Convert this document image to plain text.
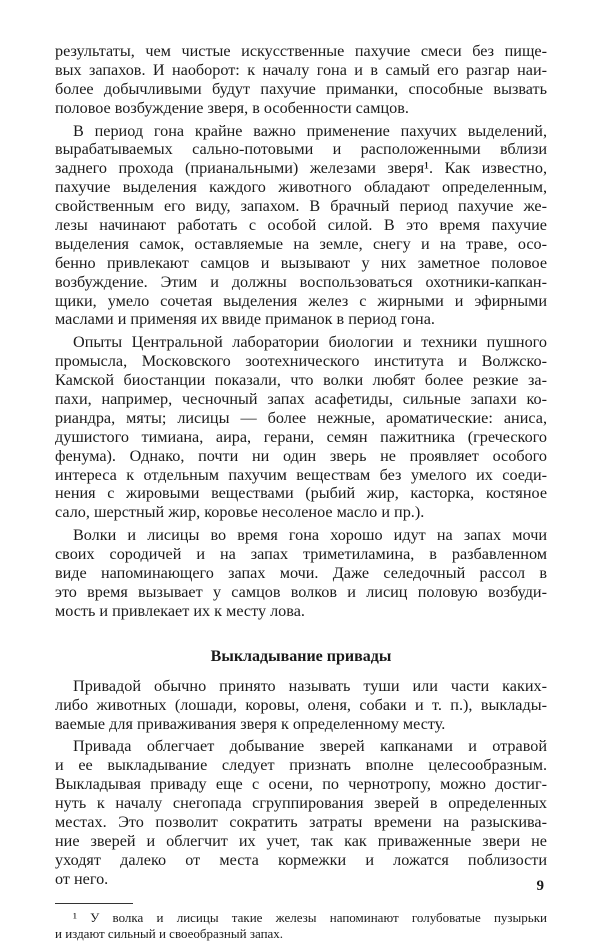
результаты, чем чистые искусственные пахучие смеси без пище-
вых запахов. И наоборот: к началу гона и в самый его разгар наи-
более добычливыми будут пахучие приманки, способные вызвать
половое возбуждение зверя, в особенности самцов.
В период гона крайне важно применение пахучих выделений,
вырабатываемых сально-потовыми и расположенными вблизи
заднего прохода (прианальными) железами зверя¹. Как известно,
пахучие выделения каждого животного обладают определенным,
свойственным его виду, запахом. В брачный период пахучие же-
лезы начинают работать с особой силой. В это время пахучие
выделения самок, оставляемые на земле, снегу и на траве, осо-
бенно привлекают самцов и вызывают у них заметное половое
возбуждение. Этим и должны воспользоваться охотники-капкан-
щики, умело сочетая выделения желез с жирными и эфирными
маслами и применяя их ввиде приманок в период гона.
Опыты Центральной лаборатории биологии и техники пушного
промысла, Московского зоотехнического института и Волжско-
Камской биостанции показали, что волки любят более резкие за-
пахи, например, чесночный запах асафетиды, сильные запахи ко-
риандра, мяты; лисицы — более нежные, ароматические: аниса,
душистого тимиана, аира, герани, семян пажитника (греческого
фенума). Однако, почти ни один зверь не проявляет особого
интереса к отдельным пахучим веществам без умелого их соеди-
нения с жировыми веществами (рыбий жир, касторка, костяное
сало, шерстный жир, коровье несоленое масло и пр.).
Волки и лисицы во время гона хорошо идут на запах мочи
своих сородичей и на запах триметиламина, в разбавленном
виде напоминающего запах мочи. Даже селедочный рассол в
это время вызывает у самцов волков и лисиц половую возбуди-
мость и привлекает их к месту лова.
Выкладывание привады
Привадой обычно принято называть туши или части каких-
либо животных (лошади, коровы, оленя, собаки и т. п.), выклады-
ваемые для приваживания зверя к определенному месту.
Привада облегчает добывание зверей капканами и отравой
и ее выкладывание следует признать вполне целесообразным.
Выкладывая приваду еще с осени, по чернотропу, можно достиг-
нуть к началу снегопада сгруппирования зверей в определенных
местах. Это позволит сократить затраты времени на разыскива-
ние зверей и облегчит их учет, так как приваженные звери не
уходят далеко от места кормежки и ложатся поблизости
от него.
¹ У волка и лисицы такие железы напоминают голубоватые пузырьки
и издают сильный и своеобразный запах.
9
